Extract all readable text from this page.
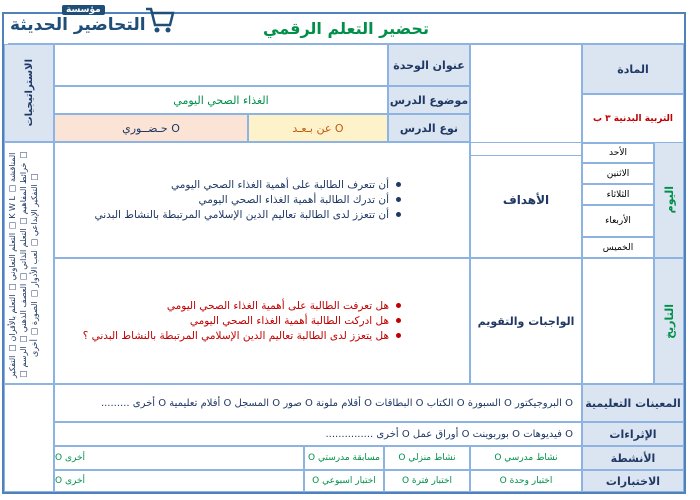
تحضير التعلم الرقمي
المادة
عنوان الوحدة
التربية البدنية ٣ ب
موضوع الدرس
الغذاء الصحي اليومي
نوع الدرس
O عن بـعـد
O حـضــوري
الاستراتيجيات
التعلم التعاوني □ التعلم بالأقران □ التفكير □ K W L □ المناقشة □ خرائط المفاهيم □ التعلم الذاتي □ العصف الذهني □ الرسم □ التفكير الإبداعي □ لعب الأدوار □ الصورة □ أخرى □
اليوم
الأحد
الاثنين
الثلاثاء
الأربعاء
الخميس
الأهداف
أن تتعرف الطالبة على أهمية الغذاء الصحي اليومي
أن تدرك الطالبة أهمية الغذاء الصحي اليومي
أن تتعزز لدى الطالبة تعاليم الدين الإسلامي المرتبطة بالنشاط البدني
التاريخ
الواجبات والتقويم
هل تعرفت الطالبة على أهمية الغذاء الصحي اليومي
هل ادركت الطالبة أهمية الغذاء الصحي اليومي
هل يتعزز لدى الطالبة تعاليم الدين الإسلامي المرتبطة بالنشاط البدني ؟
المعينات التعليمية
O البروجيكتور O السبورة O الكتاب O البطاقات O أقلام ملونة O صور O المسجل O أفلام تعليمية O أخرى .........
الإثراءات
O فيديوهات O بوربوينت O أوراق عمل O أخرى ...............
الأنشطة
نشاط مدرسي O
نشاط منزلي O
مسابقة مدرستي O
أخرى O
الاختبارات
اختبار وحدة O
اختبار فترة O
اختبار اسبوعي O
أخرى O
مؤسسة
التحاضير الحديثة
